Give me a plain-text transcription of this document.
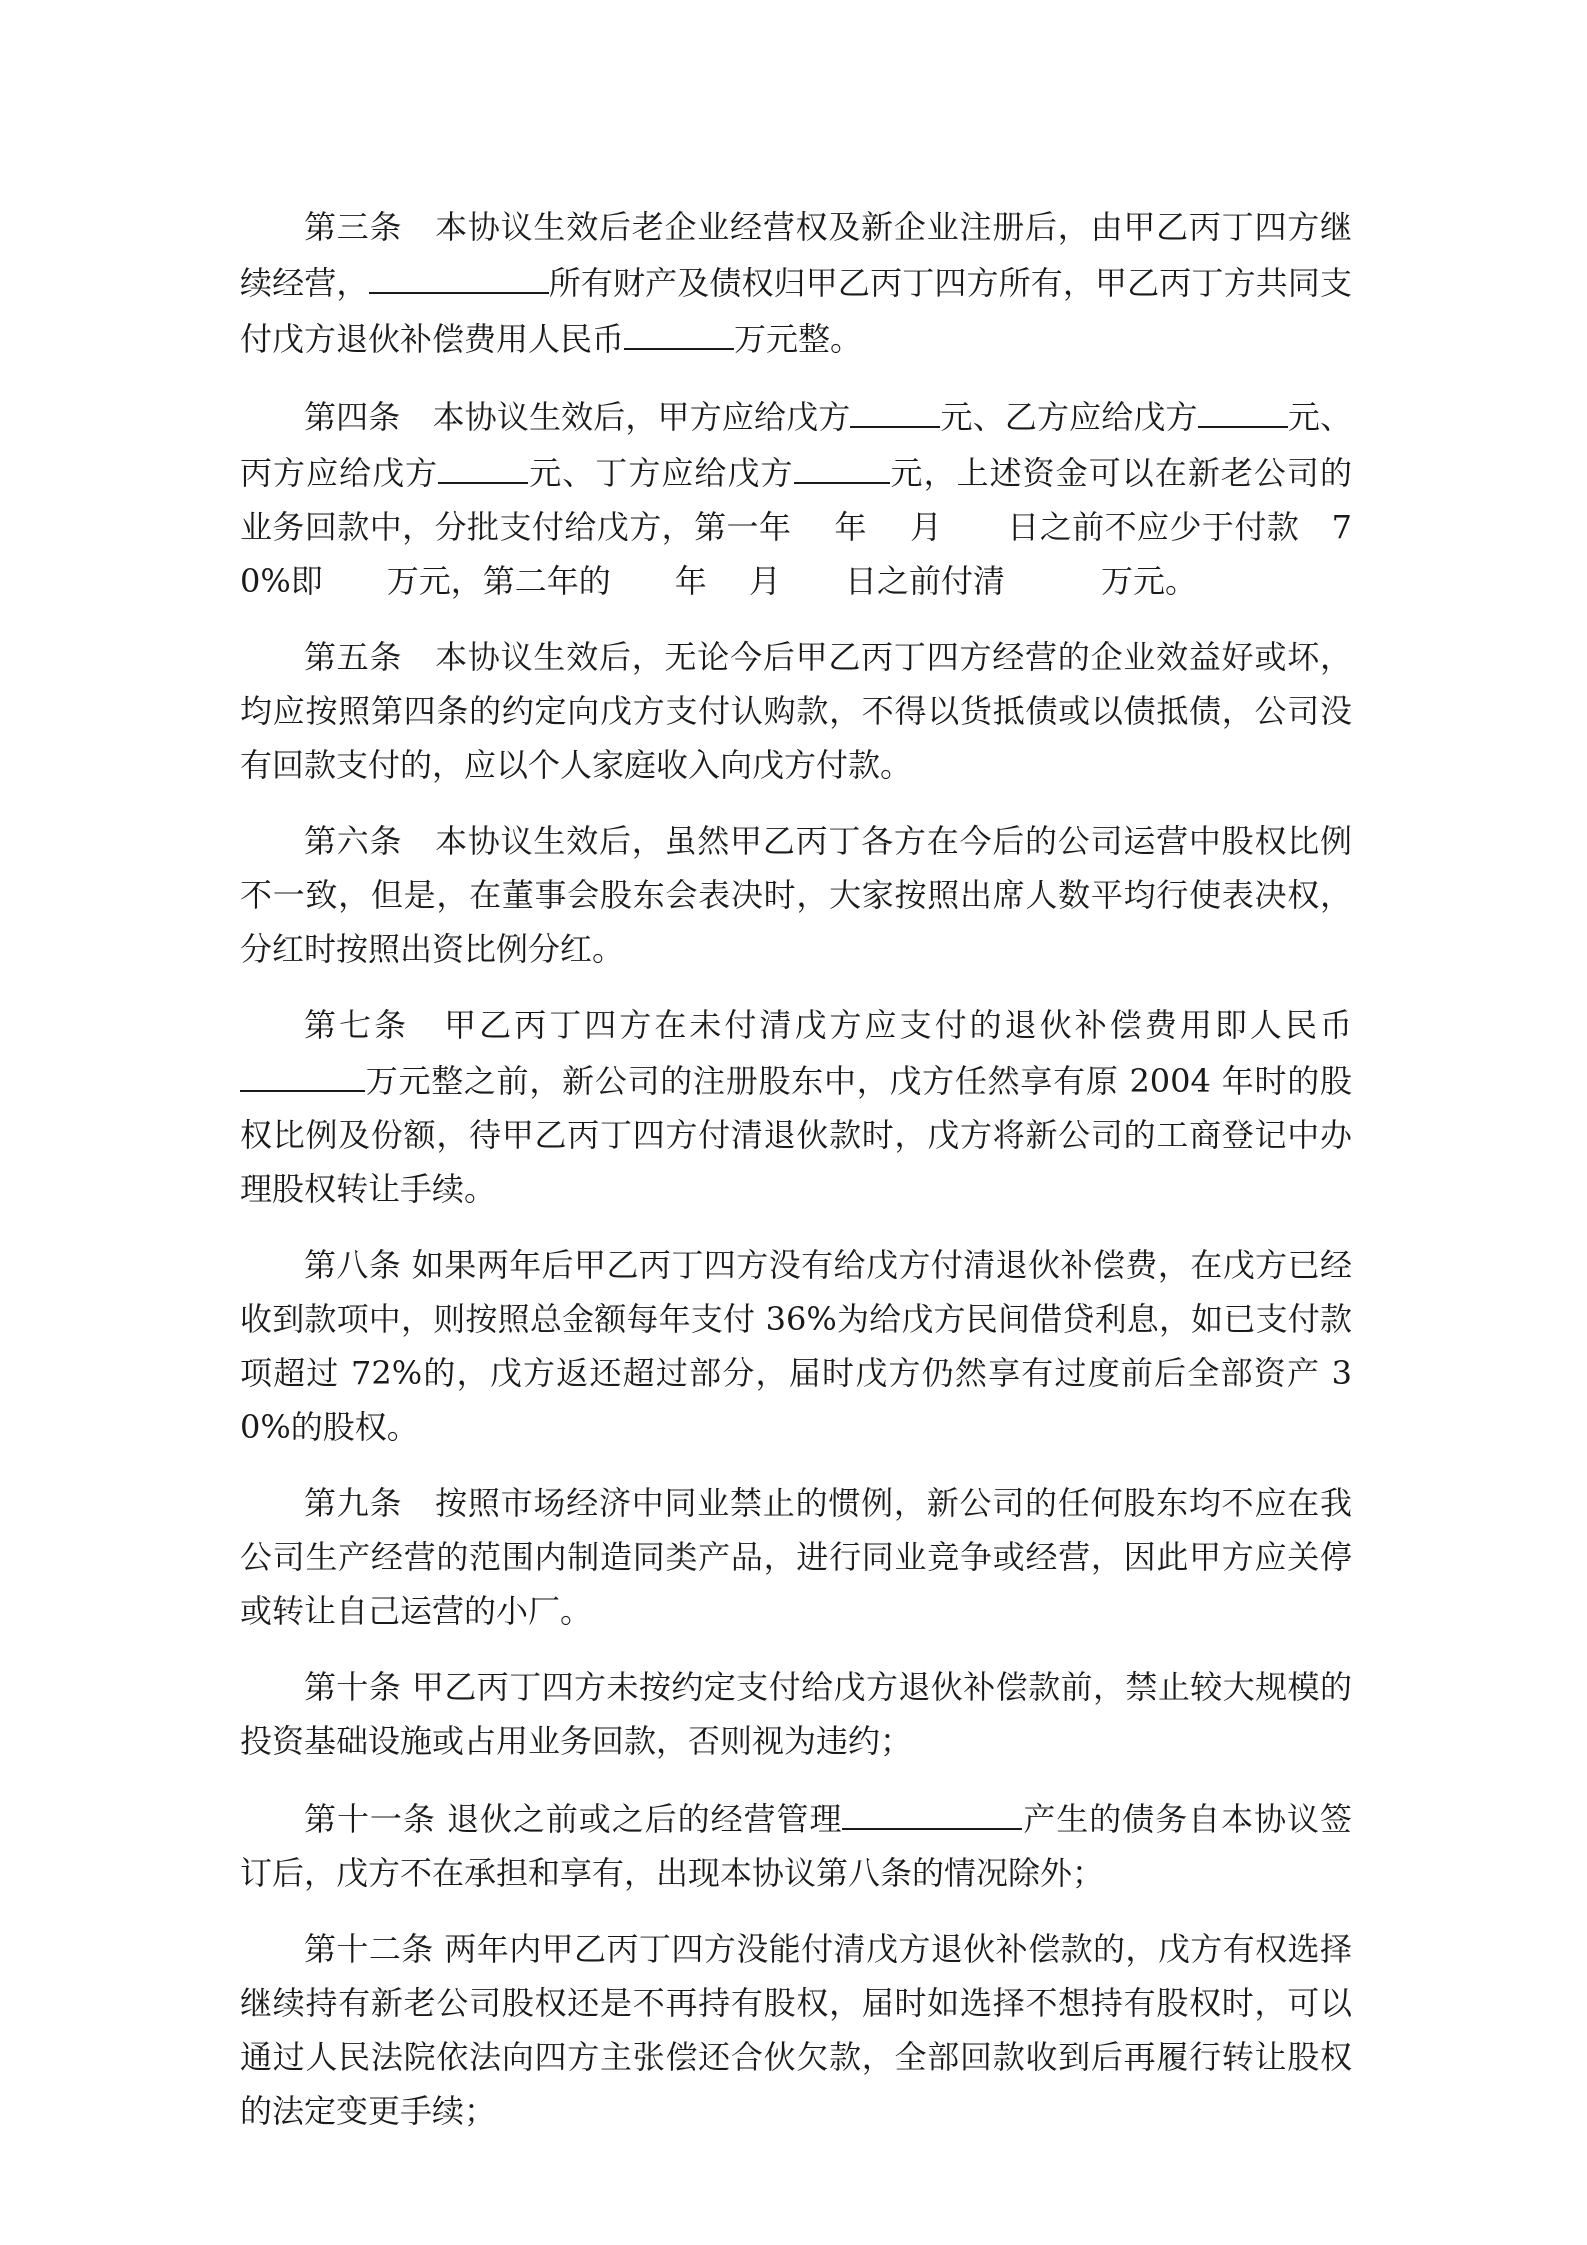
第三条　本协议生效后老企业经营权及新企业注册后，由甲乙丙丁四方继续经营，	所有财产及债权归甲乙丙丁四方所有，甲乙丙丁方共同支付戊方退伙补偿费用人民币	万元整。

第四条　本协议生效后，甲方应给戊方	元、乙方应给戊方	元、丙方应给戊方	元、丁方应给戊方	元，上述资金可以在新老公司的业务回款中，分批支付给戊方，第一年　 年　 月　　日之前不应少于付款　70%即　　万元，第二年的　　年　 月　　日之前付清　　　万元。

第五条　本协议生效后，无论今后甲乙丙丁四方经营的企业效益好或坏，均应按照第四条的约定向戊方支付认购款，不得以货抵债或以债抵债，公司没有回款支付的，应以个人家庭收入向戊方付款。

第六条　本协议生效后，虽然甲乙丙丁各方在今后的公司运营中股权比例不一致，但是，在董事会股东会表决时，大家按照出席人数平均行使表决权，分红时按照出资比例分红。

第七条　甲乙丙丁四方在未付清戊方应支付的退伙补偿费用即人民币万元整之前，新公司的注册股东中，戊方任然享有原 2004 年时的股权比例及份额，待甲乙丙丁四方付清退伙款时，戊方将新公司的工商登记中办理股权转让手续。

第八条 如果两年后甲乙丙丁四方没有给戊方付清退伙补偿费，在戊方已经收到款项中，则按照总金额每年支付 36%为给戊方民间借贷利息，如已支付款项超过 72%的，戊方返还超过部分，届时戊方仍然享有过度前后全部资产 30%的股权。

第九条　按照市场经济中同业禁止的惯例，新公司的任何股东均不应在我公司生产经营的范围内制造同类产品，进行同业竞争或经营，因此甲方应关停或转让自己运营的小厂。

第十条 甲乙丙丁四方未按约定支付给戊方退伙补偿款前，禁止较大规模的投资基础设施或占用业务回款，否则视为违约；

第十一条 退伙之前或之后的经营管理	产生的债务自本协议签订后，戊方不在承担和享有，出现本协议第八条的情况除外；

第十二条 两年内甲乙丙丁四方没能付清戊方退伙补偿款的，戊方有权选择继续持有新老公司股权还是不再持有股权，届时如选择不想持有股权时，可以通过人民法院依法向四方主张偿还合伙欠款，全部回款收到后再履行转让股权的法定变更手续；
